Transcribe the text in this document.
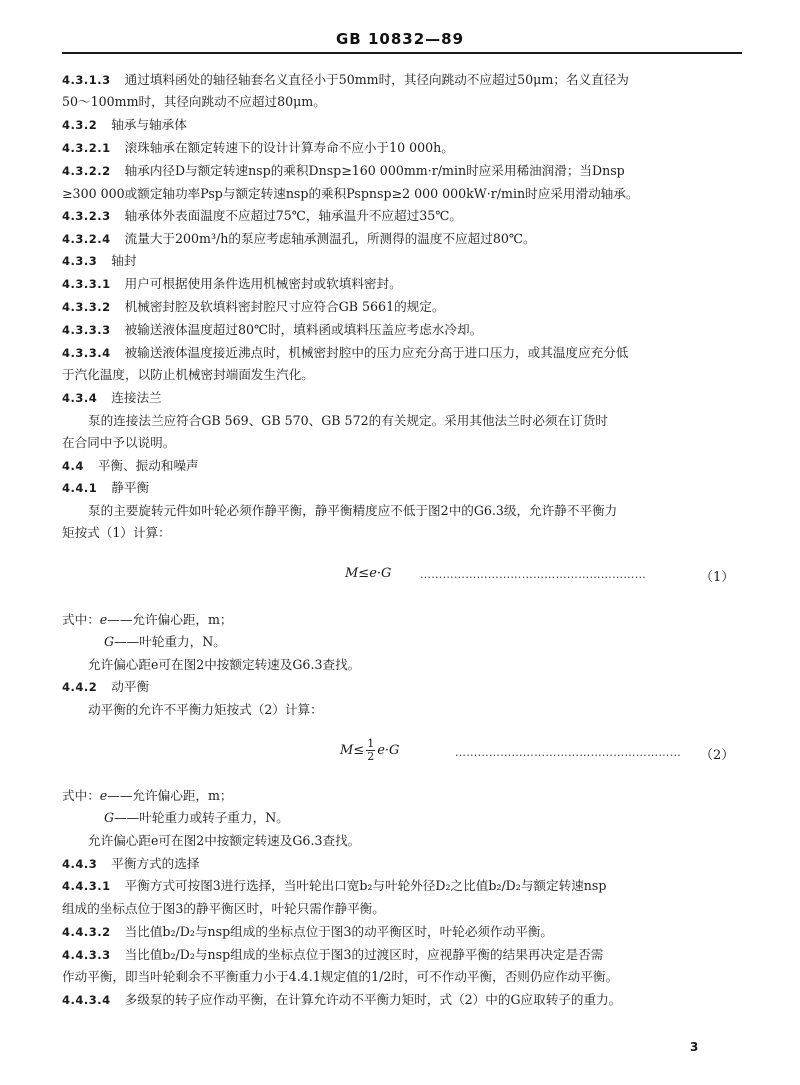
GB 10832—89
4.3.1.3 通过填料函处的轴径轴套名义直径小于50mm时，其径向跳动不应超过50μm；名义直径为
50～100mm时，其径向跳动不应超过80μm。
4.3.2 轴承与轴承体
4.3.2.1 滚珠轴承在额定转速下的设计计算寿命不应小于10 000h。
4.3.2.2 轴承内径D与额定转速nsp的乘积Dnsp≥160 000mm·r/min时应采用稀油润滑；当Dnsp
≥300 000或额定轴功率Psp与额定转速nsp的乘积Pspnsp≥2 000 000kW·r/min时应采用滑动轴承。
4.3.2.3 轴承体外表面温度不应超过75℃，轴承温升不应超过35℃。
4.3.2.4 流量大于200m³/h的泵应考虑轴承测温孔，所测得的温度不应超过80℃。
4.3.3 轴封
4.3.3.1 用户可根据使用条件选用机械密封或软填料密封。
4.3.3.2 机械密封腔及软填料密封腔尺寸应符合GB 5661的规定。
4.3.3.3 被输送液体温度超过80℃时，填料函或填料压盖应考虑水冷却。
4.3.3.4 被输送液体温度接近沸点时，机械密封腔中的压力应充分高于进口压力，或其温度应充分低
于汽化温度，以防止机械密封端面发生汽化。
4.3.4 连接法兰
泵的连接法兰应符合GB 569、GB 570、GB 572的有关规定。采用其他法兰时必须在订货时
在合同中予以说明。
4.4 平衡、振动和噪声
4.4.1 静平衡
泵的主要旋转元件如叶轮必须作静平衡，静平衡精度应不低于图2中的G6.3级，允许静不平衡力
矩按式（1）计算：
M≤e·G	……………………………………………………	（1）
式中：e——允许偏心距，m；
G——叶轮重力，N。
允许偏心距e可在图2中按额定转速及G6.3查找。
4.4.2 动平衡
动平衡的允许不平衡力矩按式（2）计算：
$M\le \frac{1}{2} e\cdot G$	…………………………………………………… （2）
式中：e——允许偏心距，m；
G——叶轮重力或转子重力，N。
允许偏心距e可在图2中按额定转速及G6.3查找。
4.4.3 平衡方式的选择
4.4.3.1 平衡方式可按图3进行选择，当叶轮出口宽b₂与叶轮外径D₂之比值b₂/D₂与额定转速nsp
组成的坐标点位于图3的静平衡区时，叶轮只需作静平衡。
4.4.3.2 当比值b₂/D₂与nsp组成的坐标点位于图3的动平衡区时，叶轮必须作动平衡。
4.4.3.3 当比值b₂/D₂与nsp组成的坐标点位于图3的过渡区时，应视静平衡的结果再决定是否需
作动平衡，即当叶轮剩余不平衡重力小于4.4.1规定值的1/2时，可不作动平衡，否则仍应作动平衡。
4.4.3.4 多级泵的转子应作动平衡，在计算允许动不平衡力矩时，式（2）中的G应取转子的重力。
3
